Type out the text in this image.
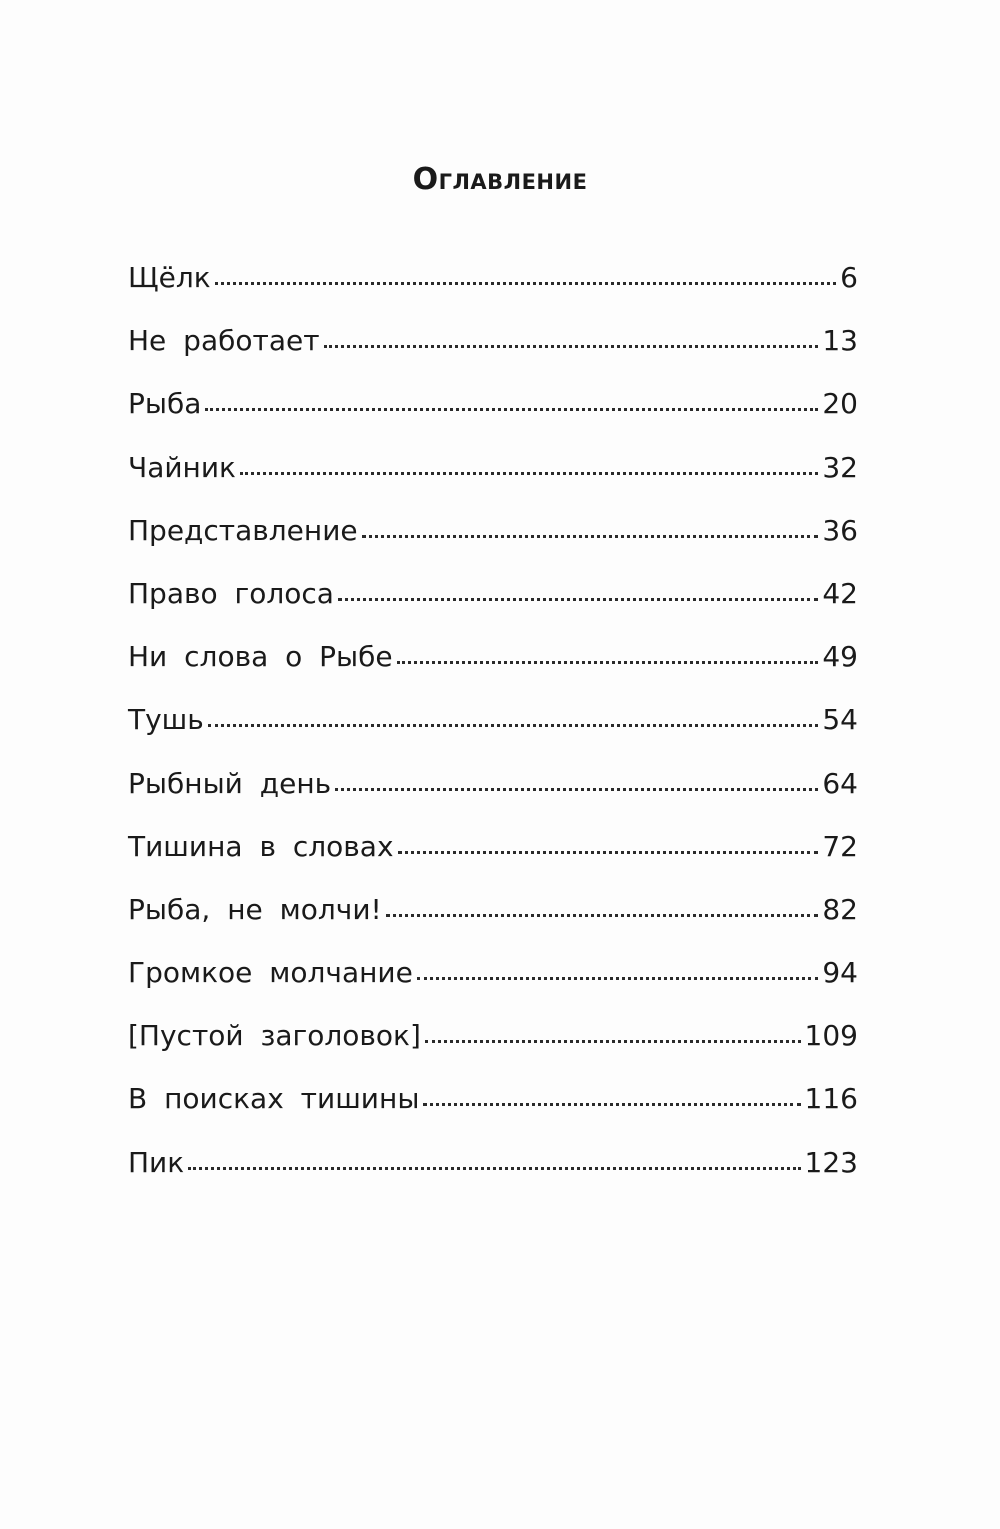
Оглавление
Щёлк	6
Не работает	13
Рыба	20
Чайник	32
Представление	36
Право голоса	42
Ни слова о Рыбе	49
Тушь	54
Рыбный день	64
Тишина в словах	72
Рыба, не молчи!	82
Громкое молчание	94
[Пустой заголовок]	109
В поисках тишины	116
Пик	123
